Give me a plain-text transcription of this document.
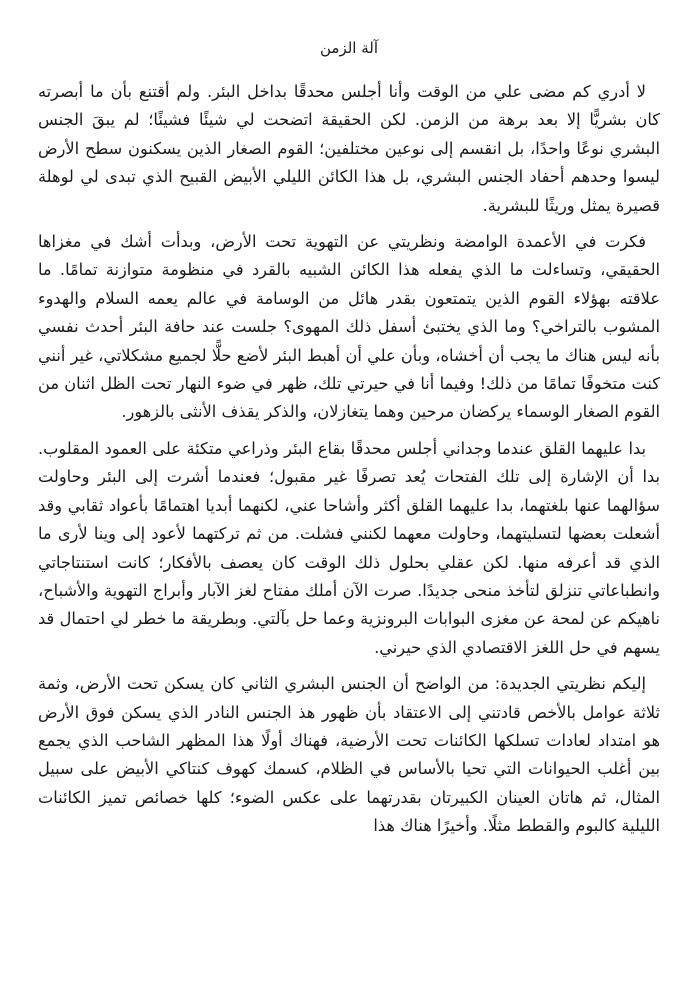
آلة الزمن

لا أدري كم مضى علي من الوقت وأنا أجلس محدقًا بداخل البئر. ولم أقتنع بأن ما أبصرته كان بشريًّا إلا بعد برهة من الزمن. لكن الحقيقة اتضحت لي شيئًا فشيئًا؛ لم يبقَ الجنس البشري نوعًا واحدًا، بل انقسم إلى نوعين مختلفين؛ القوم الصغار الذين يسكنون سطح الأرض ليسوا وحدهم أحفاد الجنس البشري، بل هذا الكائن الليلي الأبيض القبيح الذي تبدى لي لوهلة قصيرة يمثل وريثًا للبشرية.

فكرت في الأعمدة الوامضة ونظريتي عن التهوية تحت الأرض، وبدأت أشك في مغزاها الحقيقي، وتساءلت ما الذي يفعله هذا الكائن الشبيه بالقرد في منظومة متوازنة تمامًا. ما علاقته بهؤلاء القوم الذين يتمتعون بقدر هائل من الوسامة في عالم يعمه السلام والهدوء المشوب بالتراخي؟ وما الذي يختبئ أسفل ذلك المهوى؟ جلست عند حافة البئر أحدث نفسي بأنه ليس هناك ما يجب أن أخشاه، وبأن علي أن أهبط البئر لأضع حلًّا لجميع مشكلاتي، غير أنني كنت متخوفًا تمامًا من ذلك! وفيما أنا في حيرتي تلك، ظهر في ضوء النهار تحت الظل اثنان من القوم الصغار الوسماء يركضان مرحين وهما يتغازلان، والذكر يقذف الأنثى بالزهور.

بدا عليهما القلق عندما وجداني أجلس محدقًا بقاع البئر وذراعي متكئة على العمود المقلوب. بدا أن الإشارة إلى تلك الفتحات يُعد تصرفًا غير مقبول؛ فعندما أشرت إلى البئر وحاولت سؤالهما عنها بلغتهما، بدا عليهما القلق أكثر وأشاحا عني، لكنهما أبديا اهتمامًا بأعواد ثقابي وقد أشعلت بعضها لتسليتهما، وحاولت معهما لكنني فشلت. من ثم تركتهما لأعود إلى وينا لأرى ما الذي قد أعرفه منها. لكن عقلي بحلول ذلك الوقت كان يعصف بالأفكار؛ كانت استنتاجاتي وانطباعاتي تنزلق لتأخذ منحى جديدًا. صرت الآن أملك مفتاح لغز الآبار وأبراج التهوية والأشباح، ناهيكم عن لمحة عن مغزى البوابات البرونزية وعما حل بآلتي. وبطريقة ما خطر لي احتمال قد يسهم في حل اللغز الاقتصادي الذي حيرني.

إليكم نظريتي الجديدة: من الواضح أن الجنس البشري الثاني كان يسكن تحت الأرض، وثمة ثلاثة عوامل بالأخص قادتني إلى الاعتقاد بأن ظهور هذ الجنس النادر الذي يسكن فوق الأرض هو امتداد لعادات تسلكها الكائنات تحت الأرضية، فهناك أولًا هذا المظهر الشاحب الذي يجمع بين أغلب الحيوانات التي تحيا بالأساس في الظلام، كسمك كهوف كنتاكي الأبيض على سبيل المثال، ثم هاتان العينان الكبيرتان بقدرتهما على عكس الضوء؛ كلها خصائص تميز الكائنات الليلية كالبوم والقطط مثلًا. وأخيرًا هناك هذا
